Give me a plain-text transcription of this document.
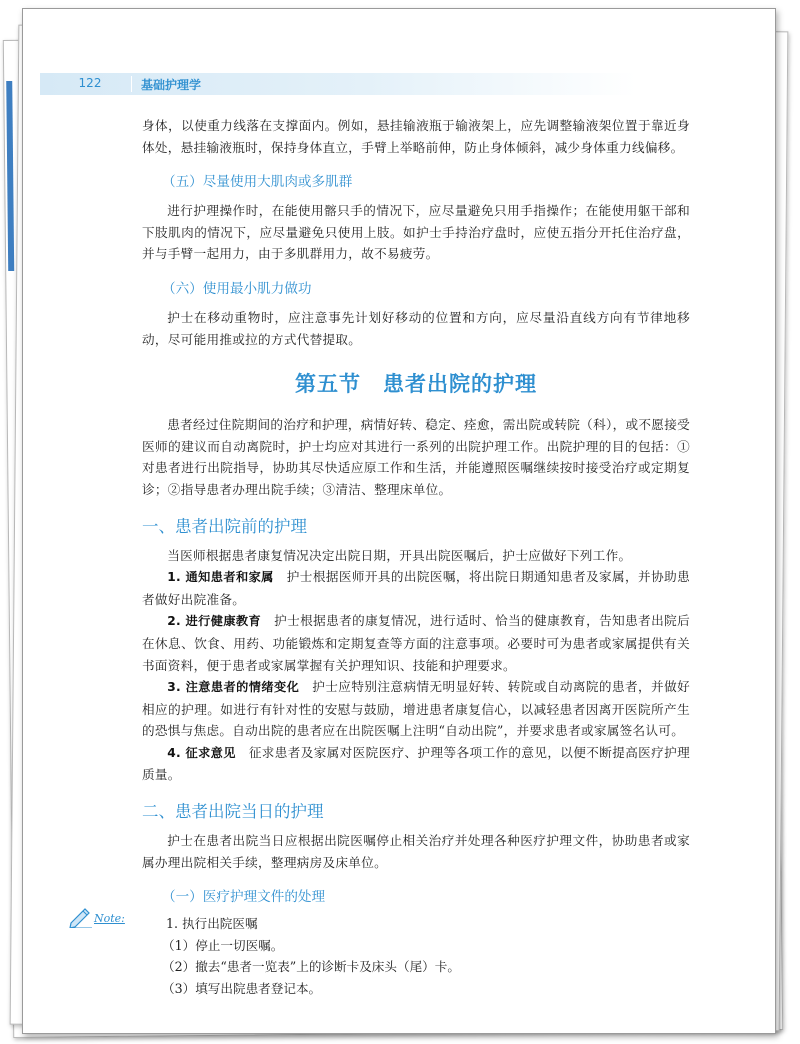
122	基础护理学

身体，以使重力线落在支撑面内。例如，悬挂输液瓶于输液架上，应先调整输液架位置于靠近身体处，悬挂输液瓶时，保持身体直立，手臂上举略前伸，防止身体倾斜，减少身体重力线偏移。

（五）尽量使用大肌肉或多肌群

进行护理操作时，在能使用髂只手的情况下，应尽量避免只用手指操作；在能使用躯干部和下肢肌肉的情况下，应尽量避免只使用上肢。如护士手持治疗盘时，应使五指分开托住治疗盘，并与手臂一起用力，由于多肌群用力，故不易疲劳。

（六）使用最小肌力做功

护士在移动重物时，应注意事先计划好移动的位置和方向，应尽量沿直线方向有节律地移动，尽可能用推或拉的方式代替提取。

第五节　患者出院的护理

患者经过住院期间的治疗和护理，病情好转、稳定、痊愈，需出院或转院（科），或不愿接受医师的建议而自动离院时，护士均应对其进行一系列的出院护理工作。出院护理的目的包括：①对患者进行出院指导，协助其尽快适应原工作和生活，并能遵照医嘱继续按时接受治疗或定期复诊；②指导患者办理出院手续；③清洁、整理床单位。

一、患者出院前的护理

当医师根据患者康复情况决定出院日期，开具出院医嘱后，护士应做好下列工作。

1. 通知患者和家属　 护士根据医师开具的出院医嘱，将出院日期通知患者及家属，并协助患者做好出院准备。

2. 进行健康教育　 护士根据患者的康复情况，进行适时、恰当的健康教育，告知患者出院后在休息、饮食、用药、功能锻炼和定期复查等方面的注意事项。必要时可为患者或家属提供有关书面资料，便于患者或家属掌握有关护理知识、技能和护理要求。

3. 注意患者的情绪变化　 护士应特别注意病情无明显好转、转院或自动离院的患者，并做好相应的护理。如进行有针对性的安慰与鼓励，增进患者康复信心，以减轻患者因离开医院所产生的恐惧与焦虑。自动出院的患者应在出院医嘱上注明“自动出院”，并要求患者或家属签名认可。

4. 征求意见　 征求患者及家属对医院医疗、护理等各项工作的意见，以便不断提高医疗护理质量。

二、患者出院当日的护理

护士在患者出院当日应根据出院医嘱停止相关治疗并处理各种医疗护理文件，协助患者或家属办理出院相关手续，整理病房及床单位。

（一）医疗护理文件的处理

1. 执行出院医嘱

（1）停止一切医嘱。

（2）撤去“患者一览表”上的诊断卡及床头（尾）卡。

（3）填写出院患者登记本。

Note:
